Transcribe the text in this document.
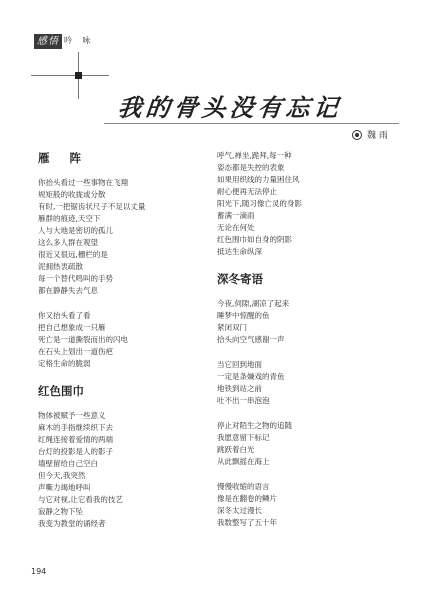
感悟 吟 咏
我的骨头没有忘记
魏 雨
雁 阵
你抬头看过一些事物在飞翔
规矩般的收拢或分散
有时,一把锯齿状尺子不足以丈量
雁群的痕迹,天空下
人与大地是密切的孤儿
这么多人群在观望
很近又很远,栅栏的是
泥拥热衷疏散
每一个替代鸣叫的手势
都在静静失去气息
你又抬头看了看
把自己想象成一只雁
死亡是一道撕裂而出的闪电
在石头上划出一道伤疤
定格生命的脆弱
红色围巾
物体被赋予一些意义
麻木的手指继续织下去
红绳连接着爱情的两端
台灯的投影是人的影子
墙壁留给自己空白
但今天,我突然
声嘶力竭地呼叫
与它对视,让它看我的技艺
寂静之物下坠
我变为教堂的诵经者
呼气,禅坐,跪拜,每一种
姿态都是失控的表象
如果用织线的力量困住风
耐心便再无法停止
阳光下,随习像亡灵的身影
蓄满一滴雨
无论在何处
红色围巾如自身的阴影
抵达生命纵深
深冬寄语
今夜,伺隙,湖凉了起来
睡梦中惊醒的鱼
紧闭双门
拾头向空气感谢一声
当它回到地面
一定是条嫌戏的青鱼
地铁到站之前
吐不出一串泡泡
停止对陌生之物的追随
我愿意留下标记
跳跃着白光
从此飘摇在海上
慢慢收缩的语言
像是在翻卷的鳞片
深冬太过漫长
我数整写了五十年
194
